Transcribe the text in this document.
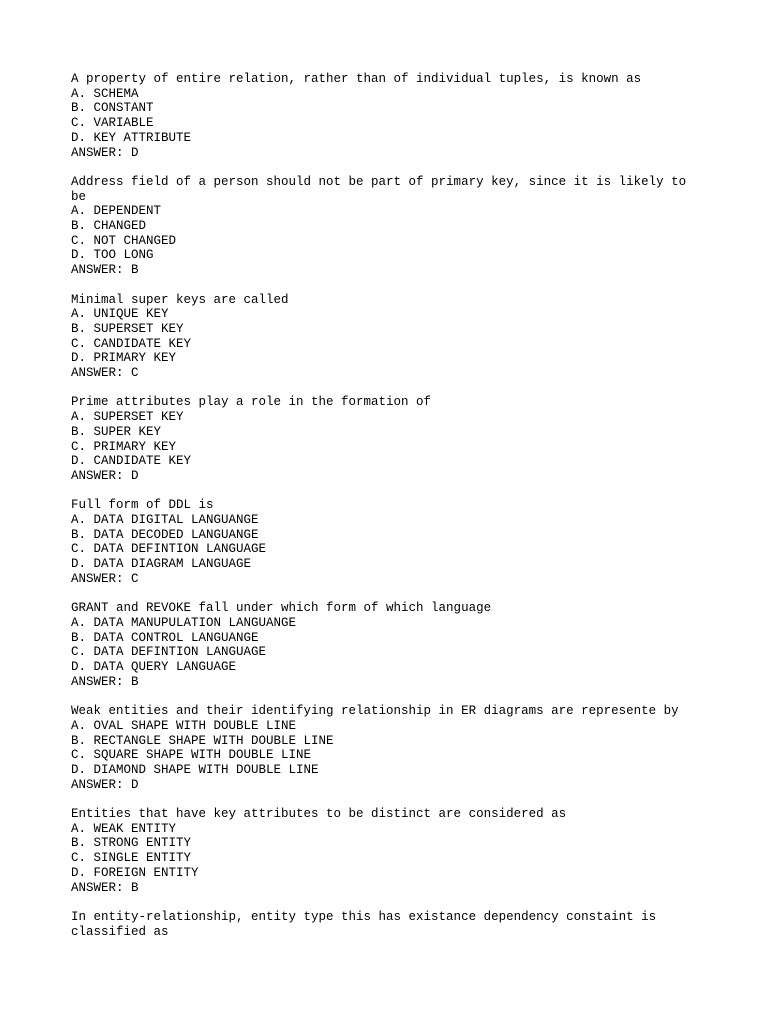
A property of entire relation, rather than of individual tuples, is known as
A. SCHEMA
B. CONSTANT
C. VARIABLE
D. KEY ATTRIBUTE
ANSWER: D
Address field of a person should not be part of primary key, since it is likely to
be
A. DEPENDENT
B. CHANGED
C. NOT CHANGED
D. TOO LONG
ANSWER: B
Minimal super keys are called
A. UNIQUE KEY
B. SUPERSET KEY
C. CANDIDATE KEY
D. PRIMARY KEY
ANSWER: C
Prime attributes play a role in the formation of
A. SUPERSET KEY
B. SUPER KEY
C. PRIMARY KEY
D. CANDIDATE KEY
ANSWER: D
Full form of DDL is
A. DATA DIGITAL LANGUANGE
B. DATA DECODED LANGUANGE
C. DATA DEFINTION LANGUAGE
D. DATA DIAGRAM LANGUAGE
ANSWER: C
GRANT and REVOKE fall under which form of which language
A. DATA MANUPULATION LANGUANGE
B. DATA CONTROL LANGUANGE
C. DATA DEFINTION LANGUAGE
D. DATA QUERY LANGUAGE
ANSWER: B
Weak entities and their identifying relationship in ER diagrams are represente by
A. OVAL SHAPE WITH DOUBLE LINE
B. RECTANGLE SHAPE WITH DOUBLE LINE
C. SQUARE SHAPE WITH DOUBLE LINE
D. DIAMOND SHAPE WITH DOUBLE LINE
ANSWER: D
Entities that have key attributes to be distinct are considered as
A. WEAK ENTITY
B. STRONG ENTITY
C. SINGLE ENTITY
D. FOREIGN ENTITY
ANSWER: B
In entity-relationship, entity type this has existance dependency constaint is
classified as
